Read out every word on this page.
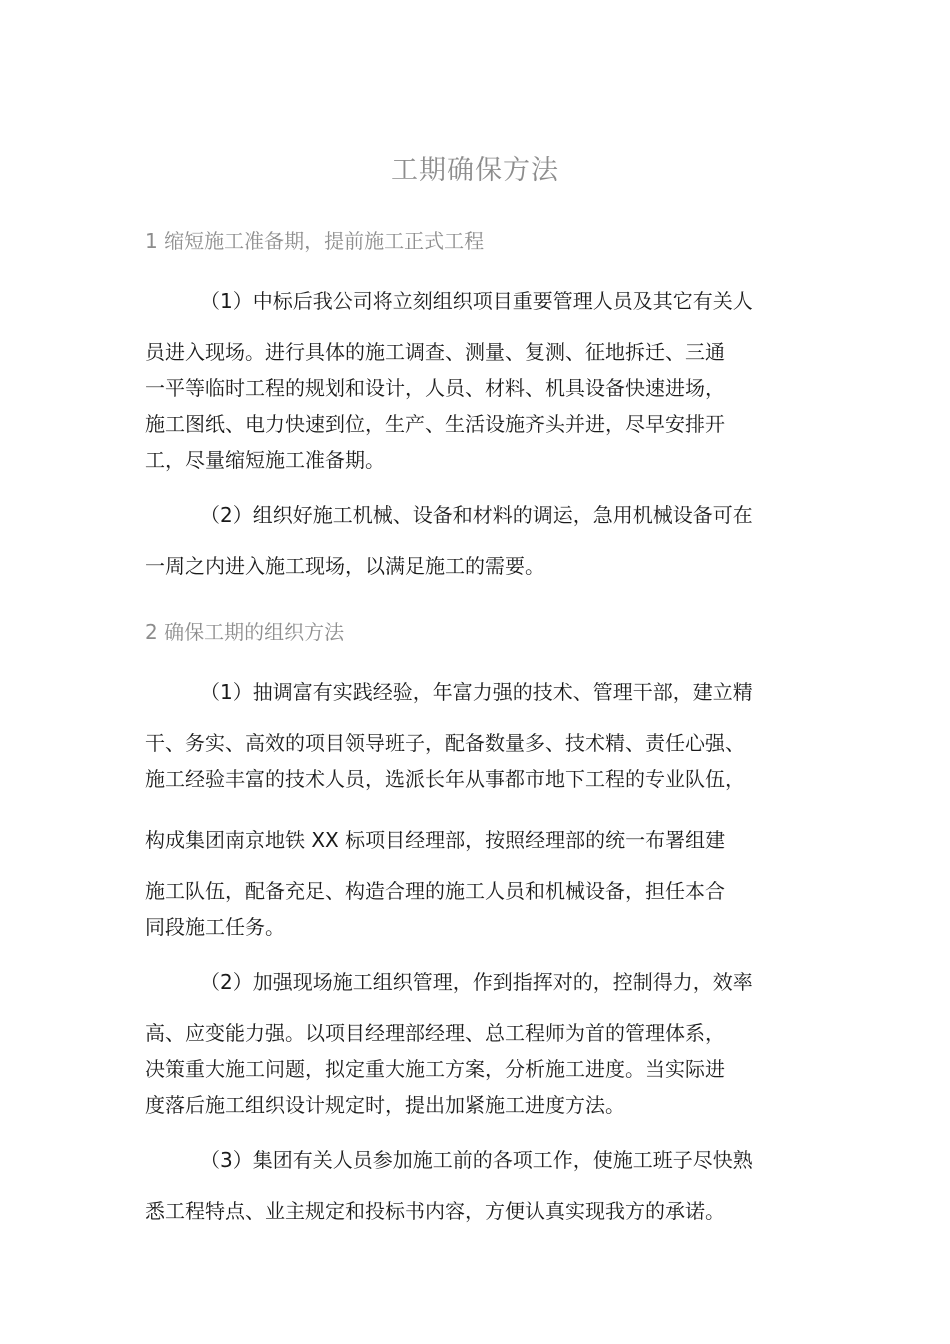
工期确保方法
1 缩短施工准备期，提前施工正式工程
（1）中标后我公司将立刻组织项目重要管理人员及其它有关人
员进入现场。进行具体的施工调查、测量、复测、征地拆迁、三通
一平等临时工程的规划和设计，人员、材料、机具设备快速进场，
施工图纸、电力快速到位，生产、生活设施齐头并进，尽早安排开
工，尽量缩短施工准备期。
（2）组织好施工机械、设备和材料的调运，急用机械设备可在
一周之内进入施工现场，以满足施工的需要。
2 确保工期的组织方法
（1）抽调富有实践经验，年富力强的技术、管理干部，建立精
干、务实、高效的项目领导班子，配备数量多、技术精、责任心强、
施工经验丰富的技术人员，选派长年从事都市地下工程的专业队伍，
构成集团南京地铁 XX 标项目经理部，按照经理部的统一布署组建
施工队伍，配备充足、构造合理的施工人员和机械设备，担任本合
同段施工任务。
（2）加强现场施工组织管理，作到指挥对的，控制得力，效率
高、应变能力强。以项目经理部经理、总工程师为首的管理体系，
决策重大施工问题，拟定重大施工方案，分析施工进度。当实际进
度落后施工组织设计规定时，提出加紧施工进度方法。
（3）集团有关人员参加施工前的各项工作，使施工班子尽快熟
悉工程特点、业主规定和投标书内容，方便认真实现我方的承诺。
